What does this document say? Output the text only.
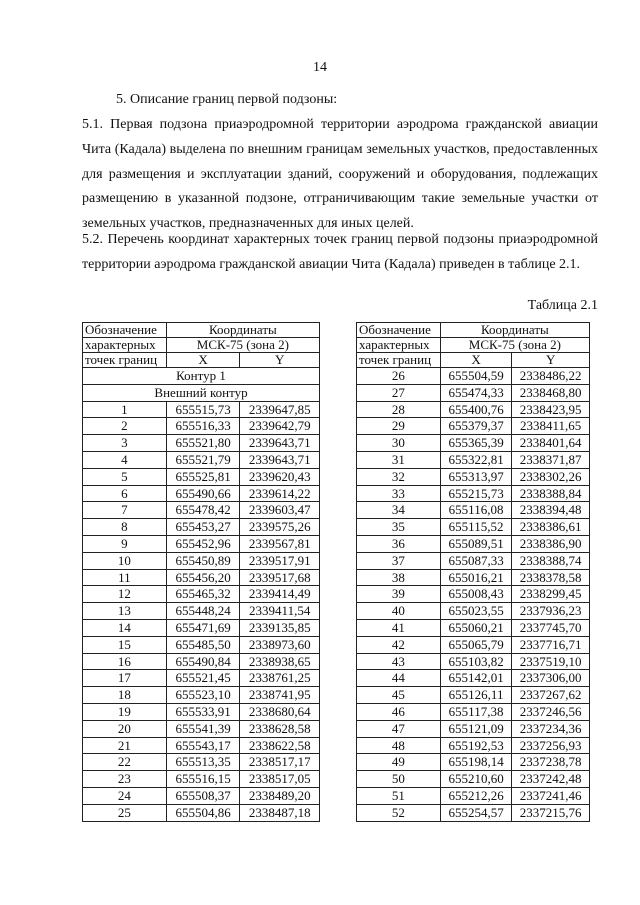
14
5. Описание границ первой подзоны:

5.1. Первая подзона приаэродромной территории аэродрома гражданской авиации Чита (Кадала) выделена по внешним границам земельных участков, предоставленных для размещения и эксплуатации зданий, сооружений и оборудования, подлежащих размещению в указанной подзоне, отграничивающим такие земельные участки от земельных участков, предназначенных для иных целей.

5.2. Перечень координат характерных точек границ первой подзоны приаэродромной территории аэродрома гражданской авиации Чита (Кадала) приведен в таблице 2.1.

Таблица 2.1
Обозначение	Координаты	
характерных	МСК-75 (зона 2)	
точек границ	X	Y
Контур 1		
Внешний контур		
1	655515,73	2339647,85
2	655516,33	2339642,79
3	655521,80	2339643,71
4	655521,79	2339643,71
5	655525,81	2339620,43
6	655490,66	2339614,22
7	655478,42	2339603,47
8	655453,27	2339575,26
9	655452,96	2339567,81
10	655450,89	2339517,91
11	655456,20	2339517,68
12	655465,32	2339414,49
13	655448,24	2339411,54
14	655471,69	2339135,85
15	655485,50	2338973,60
16	655490,84	2338938,65
17	655521,45	2338761,25
18	655523,10	2338741,95
19	655533,91	2338680,64
20	655541,39	2338628,58
21	655543,17	2338622,58
22	655513,35	2338517,17
23	655516,15	2338517,05
24	655508,37	2338489,20
25	655504,86	2338487,18
Обозначение	Координаты	
характерных	МСК-75 (зона 2)	
точек границ	X	Y
26	655504,59	2338486,22
27	655474,33	2338468,80
28	655400,76	2338423,95
29	655379,37	2338411,65
30	655365,39	2338401,64
31	655322,81	2338371,87
32	655313,97	2338302,26
33	655215,73	2338388,84
34	655116,08	2338394,48
35	655115,52	2338386,61
36	655089,51	2338386,90
37	655087,33	2338388,74
38	655016,21	2338378,58
39	655008,43	2338299,45
40	655023,55	2337936,23
41	655060,21	2337745,70
42	655065,79	2337716,71
43	655103,82	2337519,10
44	655142,01	2337306,00
45	655126,11	2337267,62
46	655117,38	2337246,56
47	655121,09	2337234,36
48	655192,53	2337256,93
49	655198,14	2337238,78
50	655210,60	2337242,48
51	655212,26	2337241,46
52	655254,57	2337215,76
